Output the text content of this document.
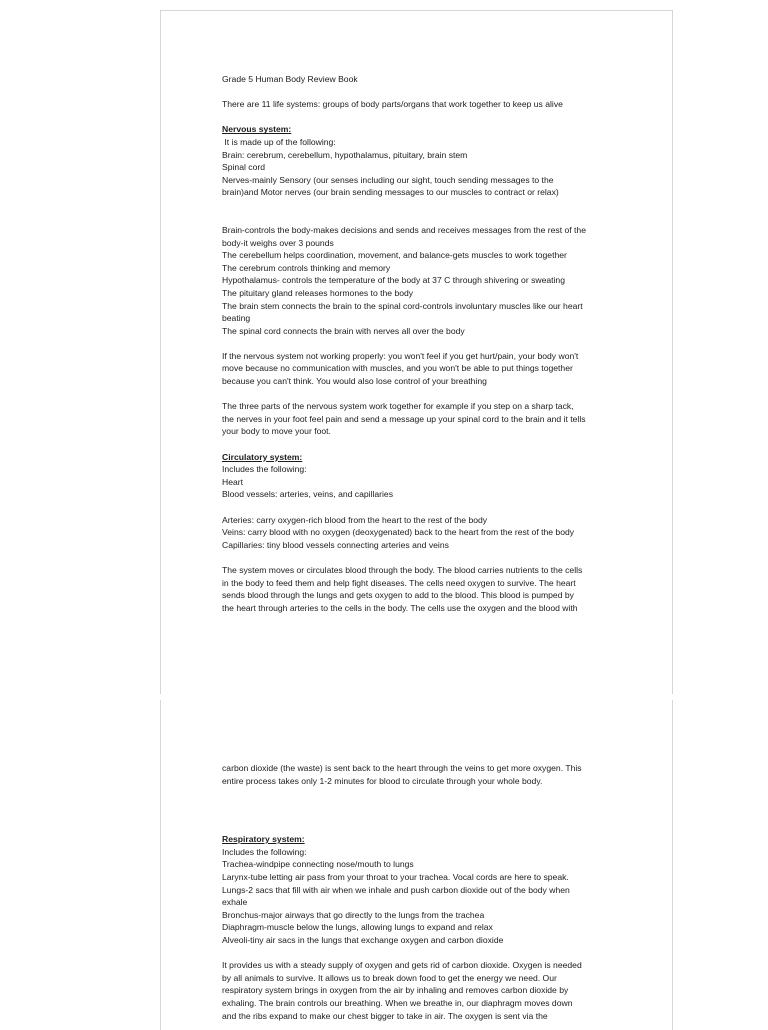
Grade 5 Human Body Review Book
There are 11 life systems: groups of body parts/organs that work together to keep us alive
Nervous system:
It is made up of the following:
Brain: cerebrum, cerebellum, hypothalamus, pituitary, brain stem
Spinal cord
Nerves-mainly Sensory (our senses including our sight, touch sending messages to the
brain)and Motor nerves (our brain sending messages to our muscles to contract or relax)
Brain-controls the body-makes decisions and sends and receives messages from the rest of the
body-it weighs over 3 pounds
The cerebellum helps coordination, movement, and balance-gets muscles to work together
The cerebrum controls thinking and memory
Hypothalamus- controls the temperature of the body at 37 C through shivering or sweating
The pituitary gland releases hormones to the body
The brain stem connects the brain to the spinal cord-controls involuntary muscles like our heart
beating
The spinal cord connects the brain with nerves all over the body
If the nervous system not working properly: you won't feel if you get hurt/pain, your body won't
move because no communication with muscles, and you won't be able to put things together
because you can't think. You would also lose control of your breathing
The three parts of the nervous system work together for example if you step on a sharp tack,
the nerves in your foot feel pain and send a message up your spinal cord to the brain and it tells
your body to move your foot.
Circulatory system:
Includes the following:
Heart
Blood vessels: arteries, veins, and capillaries
Arteries: carry oxygen-rich blood from the heart to the rest of the body
Veins: carry blood with no oxygen (deoxygenated) back to the heart from the rest of the body
Capillaries: tiny blood vessels connecting arteries and veins
The system moves or circulates blood through the body. The blood carries nutrients to the cells
in the body to feed them and help fight diseases. The cells need oxygen to survive. The heart
sends blood through the lungs and gets oxygen to add to the blood. This blood is pumped by
the heart through arteries to the cells in the body. The cells use the oxygen and the blood with
carbon dioxide (the waste) is sent back to the heart through the veins to get more oxygen. This
entire process takes only 1-2 minutes for blood to circulate through your whole body.
Respiratory system:
Includes the following:
Trachea-windpipe connecting nose/mouth to lungs
Larynx-tube letting air pass from your throat to your trachea. Vocal cords are here to speak.
Lungs-2 sacs that fill with air when we inhale and push carbon dioxide out of the body when
exhale
Bronchus-major airways that go directly to the lungs from the trachea
Diaphragm-muscle below the lungs, allowing lungs to expand and relax
Alveoli-tiny air sacs in the lungs that exchange oxygen and carbon dioxide
It provides us with a steady supply of oxygen and gets rid of carbon dioxide. Oxygen is needed
by all animals to survive. It allows us to break down food to get the energy we need. Our
respiratory system brings in oxygen from the air by inhaling and removes carbon dioxide by
exhaling. The brain controls our breathing. When we breathe in, our diaphragm moves down
and the ribs expand to make our chest bigger to take in air. The oxygen is sent via the
